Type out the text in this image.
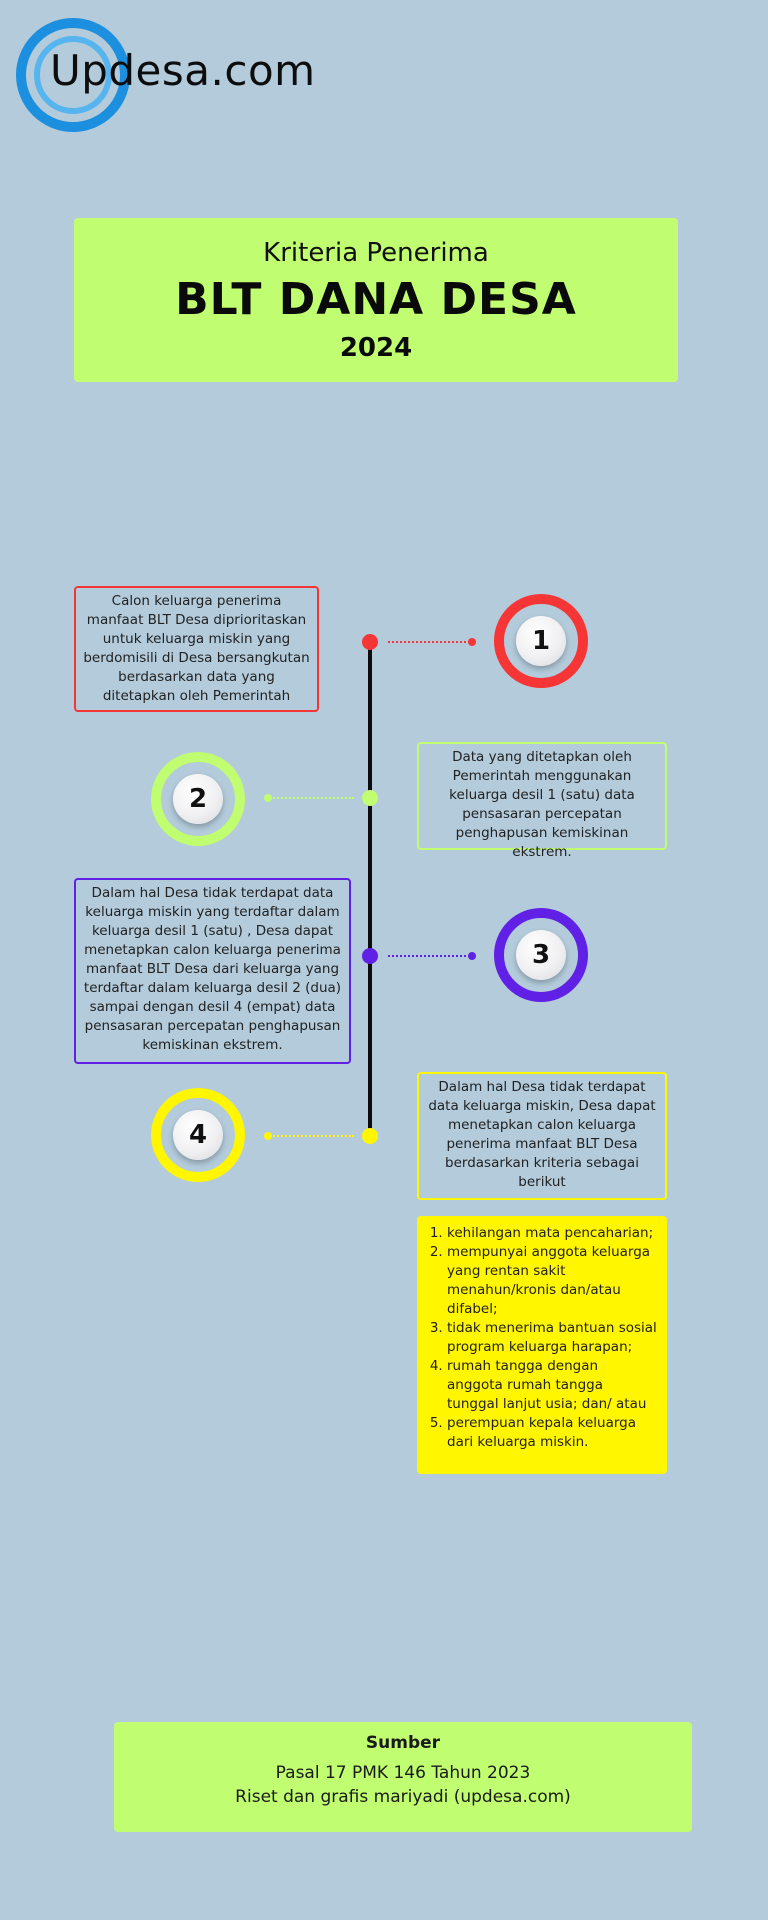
Updesa.com
Kriteria Penerima
BLT DANA DESA
2024
1
Calon keluarga penerima manfaat BLT Desa diprioritaskan untuk keluarga miskin yang berdomisili di Desa bersangkutan berdasarkan data yang ditetapkan oleh Pemerintah
2
Data yang ditetapkan oleh Pemerintah menggunakan keluarga desil 1 (satu) data pensasaran percepatan penghapusan kemiskinan ekstrem.
3
Dalam hal Desa tidak terdapat data keluarga miskin yang terdaftar dalam keluarga desil 1 (satu) , Desa dapat menetapkan calon keluarga penerima manfaat BLT Desa dari keluarga yang terdaftar dalam keluarga desil 2 (dua) sampai dengan desil 4 (empat) data pensasaran percepatan penghapusan kemiskinan ekstrem.
4
Dalam hal Desa tidak terdapat data keluarga miskin, Desa dapat menetapkan calon keluarga penerima manfaat BLT Desa berdasarkan kriteria sebagai berikut
1. kehilangan mata pencaharian;
2. mempunyai anggota keluarga yang rentan sakit menahun/kronis dan/atau difabel;
3. tidak menerima bantuan sosial program keluarga harapan;
4. rumah tangga dengan anggota rumah tangga tunggal lanjut usia; dan/ atau
5. perempuan kepala keluarga dari keluarga miskin.
Sumber
Pasal 17 PMK 146 Tahun 2023
Riset dan grafis mariyadi (updesa.com)
